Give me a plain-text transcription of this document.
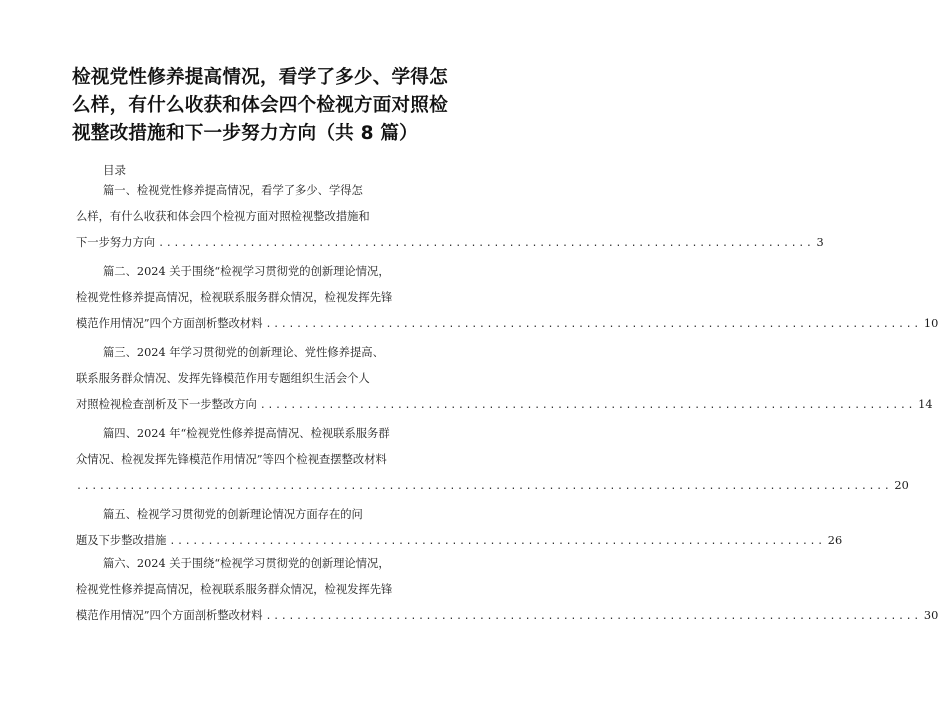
检视党性修养提高情况，看学了多少、学得怎
么样，有什么收获和体会四个检视方面对照检
视整改措施和下一步努力方向（共 8 篇）
目录
篇一、检视党性修养提高情况，看学了多少、学得怎
么样，有什么收获和体会四个检视方面对照检视整改措施和
下一步努力方向 ...................................................................................... 3
篇二、2024 关于围绕“检视学习贯彻党的创新理论情况，
检视党性修养提高情况，检视联系服务群众情况，检视发挥先锋
模范作用情况”四个方面剖析整改材料 ...................................................................................... 10
篇三、2024 年学习贯彻党的创新理论、党性修养提高、
联系服务群众情况、发挥先锋模范作用专题组织生活会个人
对照检视检查剖析及下一步整改方向 ...................................................................................... 14
篇四、2024 年“检视党性修养提高情况、检视联系服务群
众情况、检视发挥先锋模范作用情况”等四个检视查摆整改材料
........................................................................................................... 20
篇五、检视学习贯彻党的创新理论情况方面存在的问
题及下步整改措施 ...................................................................................... 26
篇六、2024 关于围绕“检视学习贯彻党的创新理论情况，
检视党性修养提高情况，检视联系服务群众情况，检视发挥先锋
模范作用情况”四个方面剖析整改材料 ...................................................................................... 30
